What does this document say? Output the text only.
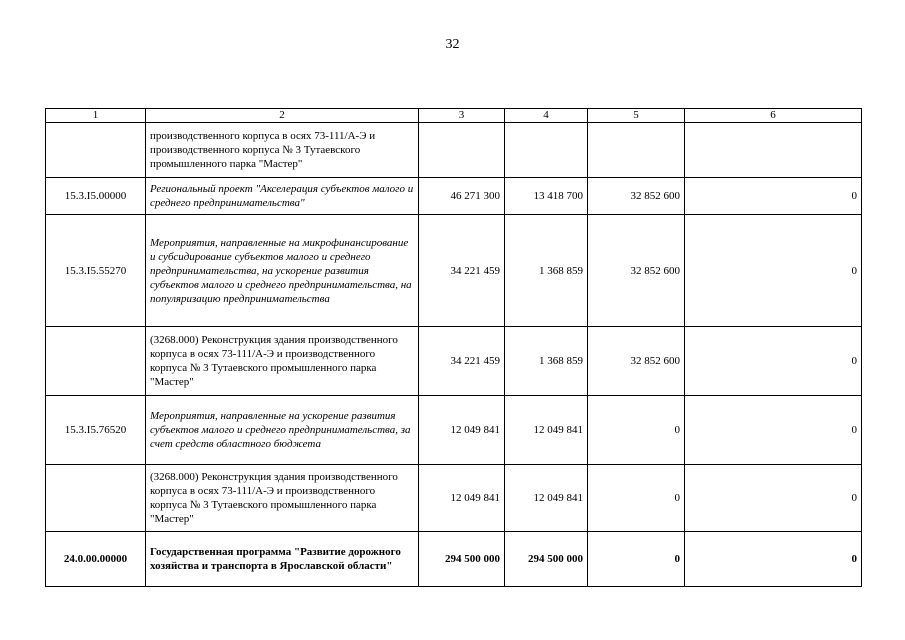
32
1	2	3	4	5	6
	производственного корпуса в осях 73-111/А-Э и производственного корпуса № 3 Тутаевского промышленного парка "Мастер"				
15.3.I5.00000	Региональный проект "Акселерация субъектов малого и среднего предпринимательства"	46 271 300	13 418 700	32 852 600	0
15.3.I5.55270	Мероприятия, направленные на микрофинансирование и субсидирование субъектов малого и среднего предпринимательства, на ускорение развития субъектов малого и среднего предпринимательства, на популяризацию предпринимательства	34 221 459	1 368 859	32 852 600	0
	(3268.000) Реконструкция здания производственного корпуса в осях 73-111/А-Э и производственного корпуса № 3 Тутаевского промышленного парка "Мастер"	34 221 459	1 368 859	32 852 600	0
15.3.I5.76520	Мероприятия, направленные на ускорение развития субъектов малого и среднего предпринимательства, за счет средств областного бюджета	12 049 841	12 049 841	0	0
	(3268.000) Реконструкция здания производственного корпуса в осях 73-111/А-Э и производственного корпуса № 3 Тутаевского промышленного парка "Мастер"	12 049 841	12 049 841	0	0
24.0.00.00000	Государственная программа "Развитие дорожного хозяйства и транспорта в Ярославской области"	294 500 000	294 500 000	0	0
